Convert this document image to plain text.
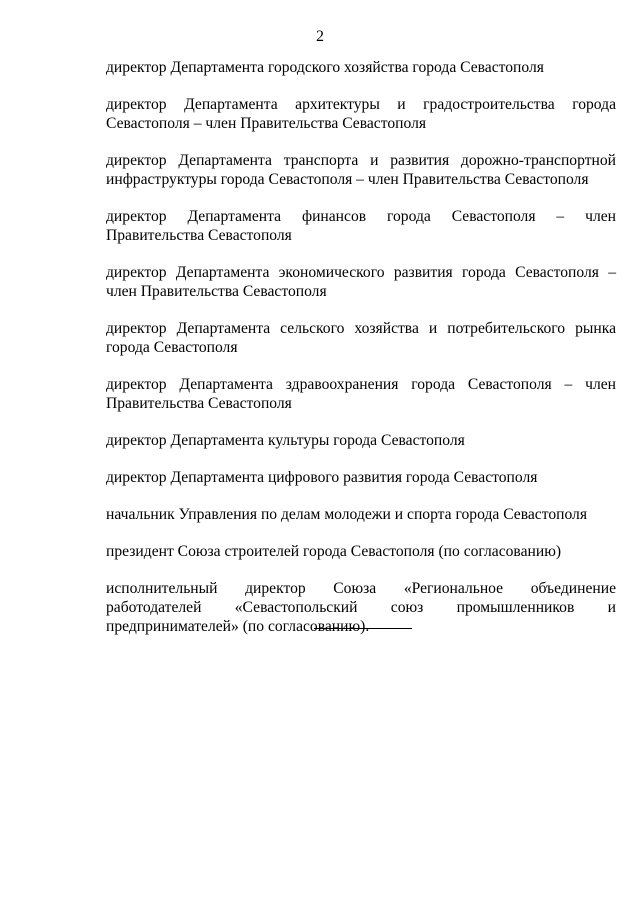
2

директор Департамента городского хозяйства города Севастополя

директор Департамента архитектуры и градостроительства города Севастополя – член Правительства Севастополя

директор Департамента транспорта и развития дорожно-транспортной инфраструктуры города Севастополя – член Правительства Севастополя

директор Департамента финансов города Севастополя – член Правительства Севастополя

директор Департамента экономического развития города Севастополя – член Правительства Севастополя

директор Департамента сельского хозяйства и потребительского рынка города Севастополя

директор Департамента здравоохранения города Севастополя – член Правительства Севастополя

директор Департамента культуры города Севастополя

директор Департамента цифрового развития города Севастополя

начальник Управления по делам молодежи и спорта города Севастополя

президент Союза строителей города Севастополя (по согласованию)

исполнительный директор Союза «Региональное объединение работодателей «Севастопольский союз промышленников и предпринимателей» (по согласованию).
